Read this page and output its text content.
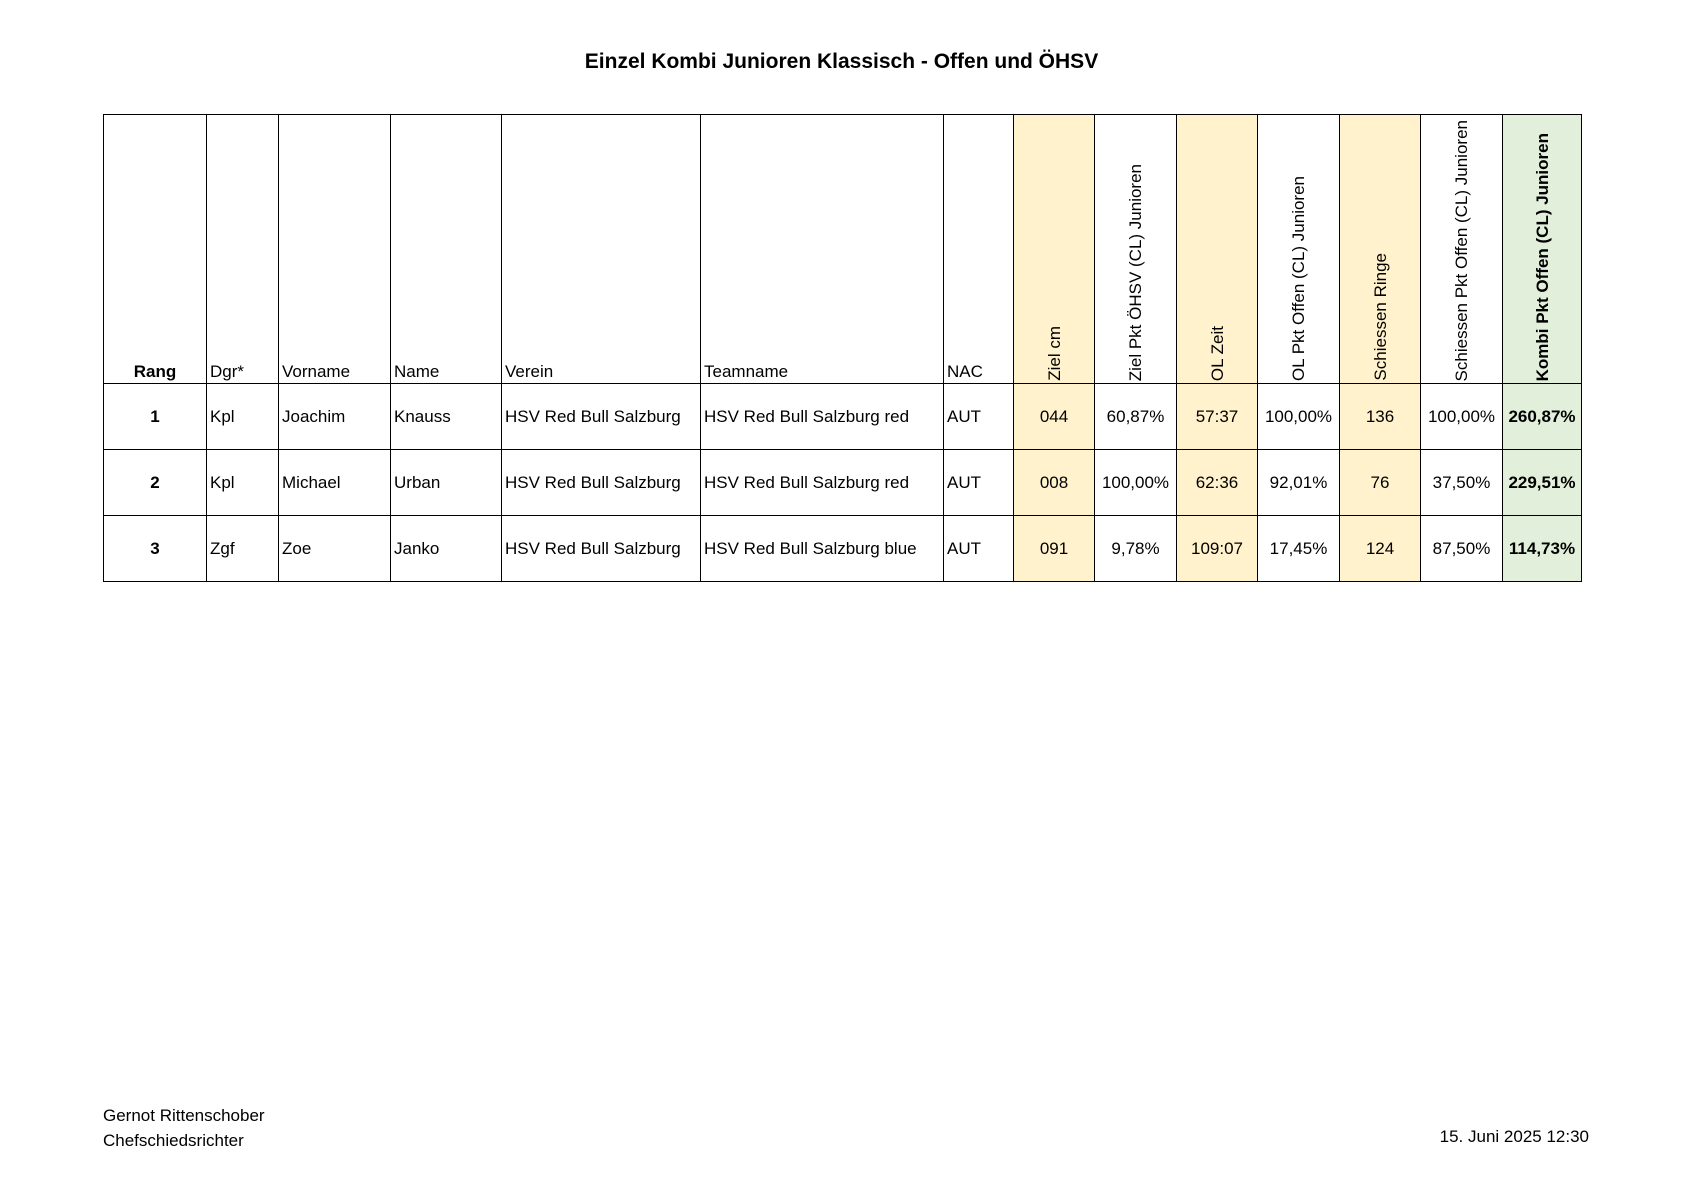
Einzel Kombi Junioren Klassisch - Offen und ÖHSV
Rang	Dgr*	Vorname	Name	Verein	Teamname	NAC	Ziel cm	Ziel Pkt ÖHSV (CL) Junioren	OL Zeit	OL Pkt Offen (CL) Junioren	Schiessen Ringe	Schiessen Pkt Offen (CL) Junioren	Kombi Pkt Offen (CL) Junioren

1	Kpl	Joachim	Knauss	HSV Red Bull Salzburg	HSV Red Bull Salzburg red	AUT	044	60,87%	57:37	100,00%	136	100,00%	260,87%
2	Kpl	Michael	Urban	HSV Red Bull Salzburg	HSV Red Bull Salzburg red	AUT	008	100,00%	62:36	92,01%	76	37,50%	229,51%
3	Zgf	Zoe	Janko	HSV Red Bull Salzburg	HSV Red Bull Salzburg blue	AUT	091	9,78%	109:07	17,45%	124	87,50%	114,73%
Gernot Rittenschober
Chefschiedsrichter	15. Juni 2025 12:30
